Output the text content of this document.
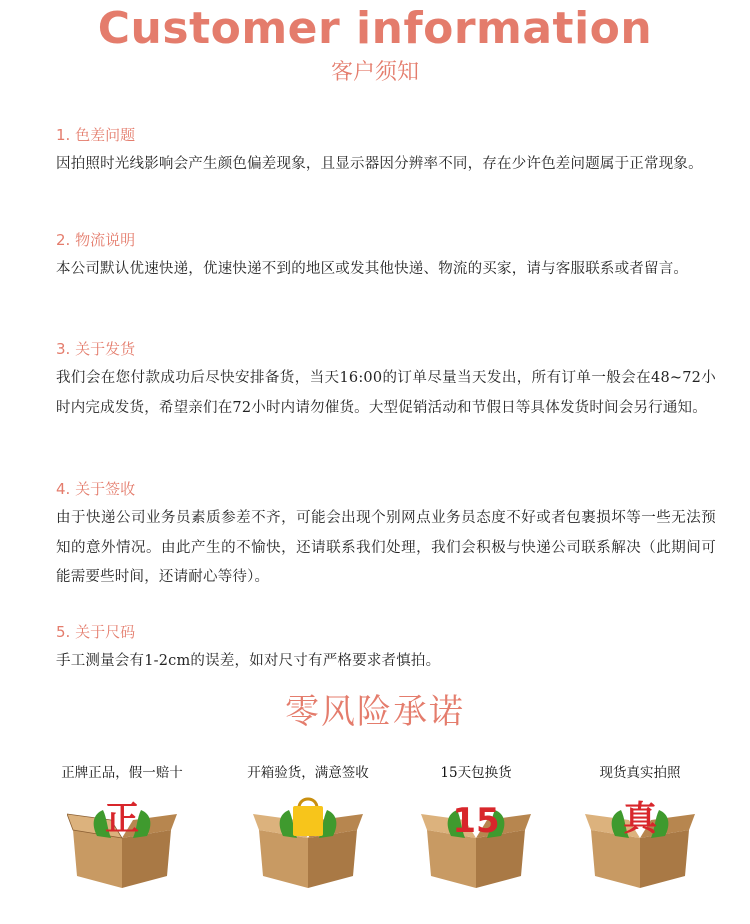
Customer information
客户须知
1. 色差问题
因拍照时光线影响会产生颜色偏差现象，且显示器因分辨率不同，存在少许色差问题属于正常现象。
2. 物流说明
本公司默认优速快递，优速快递不到的地区或发其他快递、物流的买家，请与客服联系或者留言。
3. 关于发货
我们会在您付款成功后尽快安排备货，当天16:00的订单尽量当天发出，所有订单一般会在48~72小时内完成发货，希望亲们在72小时内请勿催货。大型促销活动和节假日等具体发货时间会另行通知。
4. 关于签收
由于快递公司业务员素质参差不齐，可能会出现个别网点业务员态度不好或者包裹损坏等一些无法预知的意外情况。由此产生的不愉快，还请联系我们处理，我们会积极与快递公司联系解决（此期间可能需要些时间，还请耐心等待）。
5. 关于尺码
手工测量会有1-2cm的误差，如对尺寸有严格要求者慎拍。
零风险承诺
正牌正品，假一赔十
正
开箱验货，满意签收	15天包换货
15
现货真实拍照
真
